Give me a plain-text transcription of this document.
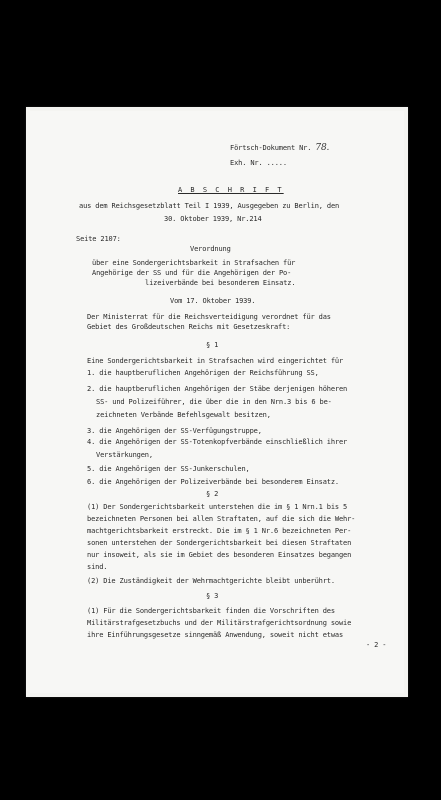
Förtsch-Dokument Nr. 78.
Exh. Nr. .....
A B S C H R I F T
aus dem Reichsgesetzblatt Teil I 1939, Ausgegeben zu Berlin, den
30. Oktober 1939, Nr.214
Seite 2107:
Verordnung
über eine Sondergerichtsbarkeit in Strafsachen für
Angehörige der SS und für die Angehörigen der Po-
lizeiverbände bei besonderem Einsatz.
Vom 17. Oktober 1939.
Der Ministerrat für die Reichsverteidigung verordnet für das
Gebiet des Großdeutschen Reichs mit Gesetzeskraft:
§ 1
Eine Sondergerichtsbarkeit in Strafsachen wird eingerichtet für
1. die hauptberuflichen Angehörigen der Reichsführung SS,
2. die hauptberuflichen Angehörigen der Stäbe derjenigen höheren
SS- und Polizeiführer, die über die in den Nrn.3 bis 6 be-
zeichneten Verbände Befehlsgewalt besitzen,
3. die Angehörigen der SS-Verfügungstruppe,
4. die Angehörigen der SS-Totenkopfverbände einschließlich ihrer
Verstärkungen,
5. die Angehörigen der SS-Junkerschulen,
6. die Angehörigen der Polizeiverbände bei besonderem Einsatz.
§ 2
(1) Der Sondergerichtsbarkeit unterstehen die im § 1 Nrn.1 bis 5
bezeichneten Personen bei allen Straftaten, auf die sich die Wehr-
machtgerichtsbarkeit erstreckt. Die im § 1 Nr.6 bezeichneten Per-
sonen unterstehen der Sondergerichtsbarkeit bei diesen Straftaten
nur insoweit, als sie im Gebiet des besonderen Einsatzes begangen
sind.
(2) Die Zuständigkeit der Wehrmachtgerichte bleibt unberührt.
§ 3
(1) Für die Sondergerichtsbarkeit finden die Vorschriften des
Militärstrafgesetzbuchs und der Militärstrafgerichtsordnung sowie
ihre Einführungsgesetze sinngemäß Anwendung, soweit nicht etwas
- 2 -
